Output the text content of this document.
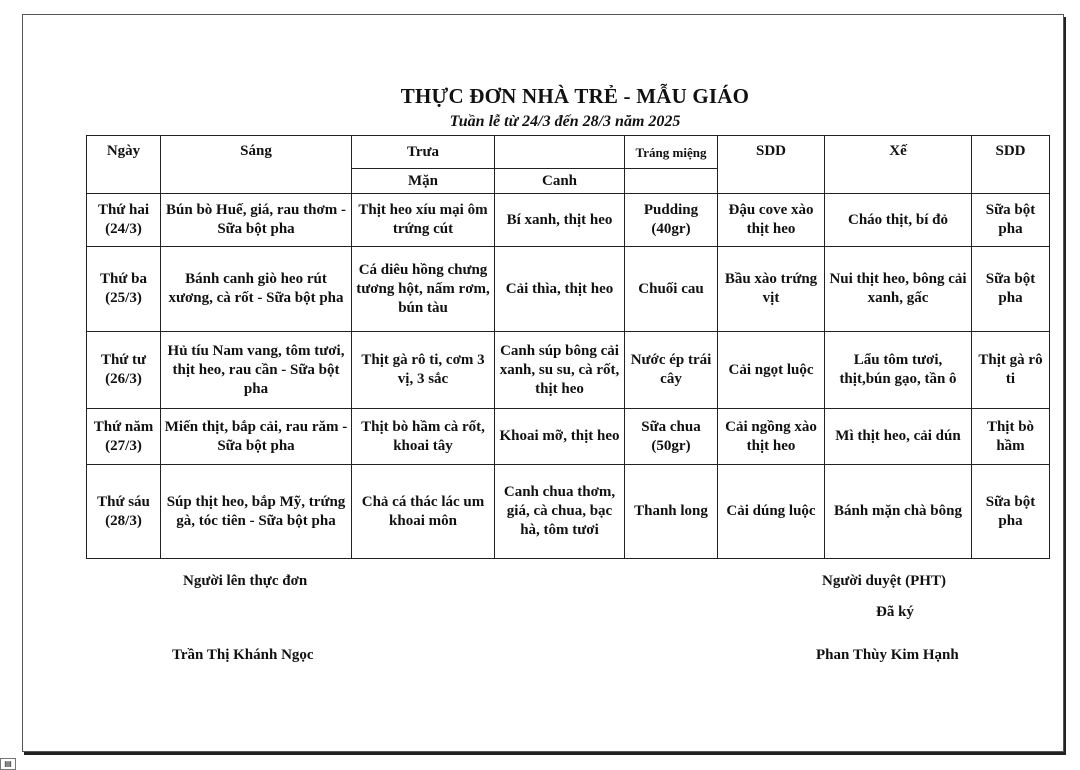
THỰC ĐƠN NHÀ TRẺ - MẪU GIÁO
Tuần lễ từ 24/3 đến 28/3 năm 2025
Ngày	Sáng	Trưa		Tráng miệng	SDD	Xế	SDD
		Mặn	Canh				
Thứ hai (24/3)	Bún bò Huế, giá, rau thơm - Sữa bột pha	Thịt heo xíu mại ôm trứng cút	Bí xanh, thịt heo	Pudding (40gr)	Đậu cove xào thịt heo	Cháo thịt, bí đỏ	Sữa bột pha
Thứ ba (25/3)	Bánh canh giò heo rút xương, cà rốt - Sữa bột pha	Cá diêu hồng chưng tương hột, nấm rơm, bún tàu	Cải thìa, thịt heo	Chuối cau	Bầu xào trứng vịt	Nui thịt heo, bông cải xanh, gấc	Sữa bột pha
Thứ tư (26/3)	Hủ tíu Nam vang, tôm tươi, thịt heo, rau cần - Sữa bột pha	Thịt gà rô ti, cơm 3 vị, 3 sắc	Canh súp bông cải xanh, su su, cà rốt, thịt heo	Nước ép trái cây	Cải ngọt luộc	Lẩu tôm tươi, thịt,bún gạo, tần ô	Thịt gà rô ti
Thứ năm (27/3)	Miến thịt, bắp cải, rau răm - Sữa bột pha	Thịt bò hầm cà rốt, khoai tây	Khoai mỡ, thịt heo	Sữa chua (50gr)	Cải ngồng xào thịt heo	Mì thịt heo, cải dún	Thịt bò hầm
Thứ sáu (28/3)	Súp thịt heo, bắp Mỹ, trứng gà, tóc tiên - Sữa bột pha	Chả cá thác lác um khoai môn	Canh chua thơm, giá, cà chua, bạc hà, tôm tươi	Thanh long	Cải dúng luộc	Bánh mặn chà bông	Sữa bột pha
Người lên thực đơn
Trần Thị Khánh Ngọc
Người duyệt (PHT)
Đã ký
Phan Thùy Kim Hạnh
▤
